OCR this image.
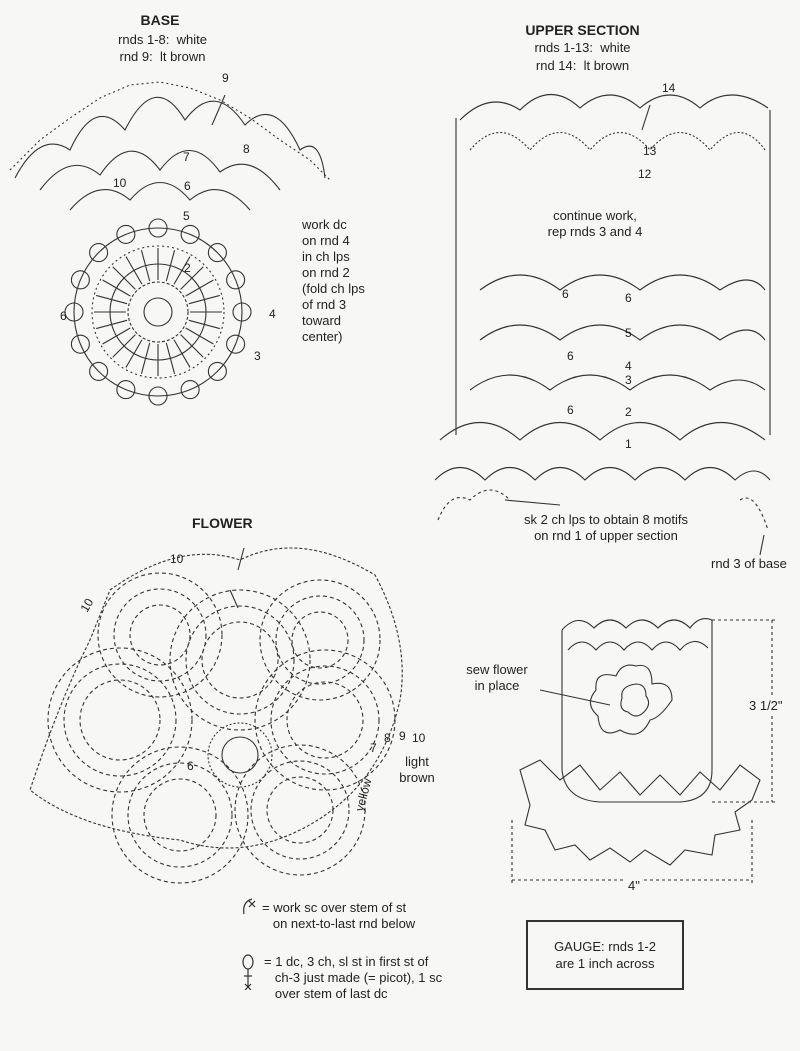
9
8
7
10	6
5
2
4
3
6
14
13
12
6
5
4
3
2
1
6
6
6
10
10
7
8 9 10
6
yellow
BASE
rnds 1-8:  white
rnd 9:  lt brown
work dc
on rnd 4
in ch lps
on rnd 2
(fold ch lps
of rnd 3
toward
center)
UPPER SECTION
rnds 1-13:  white
rnd 14:  lt brown
continue work,
rep rnds 3 and 4
sk 2 ch lps to obtain 8 motifs
on rnd 1 of upper section
rnd 3 of base
FLOWER
light
brown
sew flower
in place
3 1/2"
4"
= work sc over stem of st
on next-to-last rnd below
= 1 dc, 3 ch, sl st in first st of
ch-3 just made (= picot), 1 sc
over stem of last dc
GAUGE: rnds 1-2
are 1 inch across
